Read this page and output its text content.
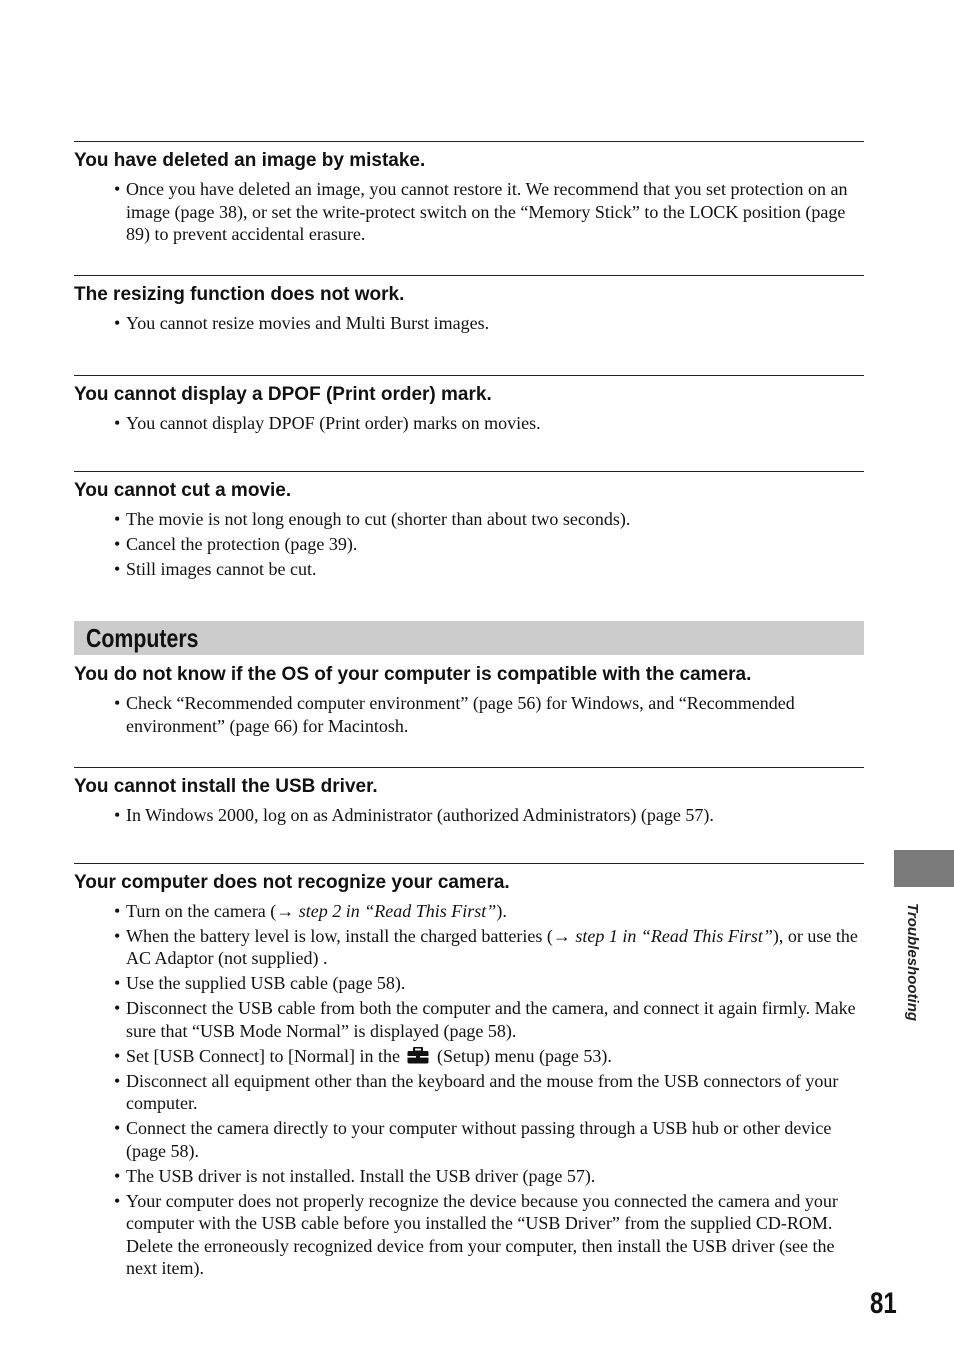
You have deleted an image by mistake.
• Once you have deleted an image, you cannot restore it. We recommend that you set protection on an image (page 38), or set the write-protect switch on the “Memory Stick” to the LOCK position (page 89) to prevent accidental erasure.
The resizing function does not work.
• You cannot resize movies and Multi Burst images.
You cannot display a DPOF (Print order) mark.
• You cannot display DPOF (Print order) marks on movies.
You cannot cut a movie.
• The movie is not long enough to cut (shorter than about two seconds).
• Cancel the protection (page 39).
• Still images cannot be cut.
Computers
You do not know if the OS of your computer is compatible with the camera.
• Check “Recommended computer environment” (page 56) for Windows, and “Recommended environment” (page 66) for Macintosh.
You cannot install the USB driver.
• In Windows 2000, log on as Administrator (authorized Administrators) (page 57).
Your computer does not recognize your camera.
• Turn on the camera (→ step 2 in “Read This First”).
• When the battery level is low, install the charged batteries (→ step 1 in “Read This First”), or use the AC Adaptor (not supplied) .
• Use the supplied USB cable (page 58).
• Disconnect the USB cable from both the computer and the camera, and connect it again firmly. Make sure that “USB Mode Normal” is displayed (page 58).
• Set [USB Connect] to [Normal] in the (Setup) menu (page 53).
• Disconnect all equipment other than the keyboard and the mouse from the USB connectors of your computer.
• Connect the camera directly to your computer without passing through a USB hub or other device (page 58).
• The USB driver is not installed. Install the USB driver (page 57).
• Your computer does not properly recognize the device because you connected the camera and your computer with the USB cable before you installed the “USB Driver” from the supplied CD-ROM. Delete the erroneously recognized device from your computer, then install the USB driver (see the next item).
Troubleshooting
81
